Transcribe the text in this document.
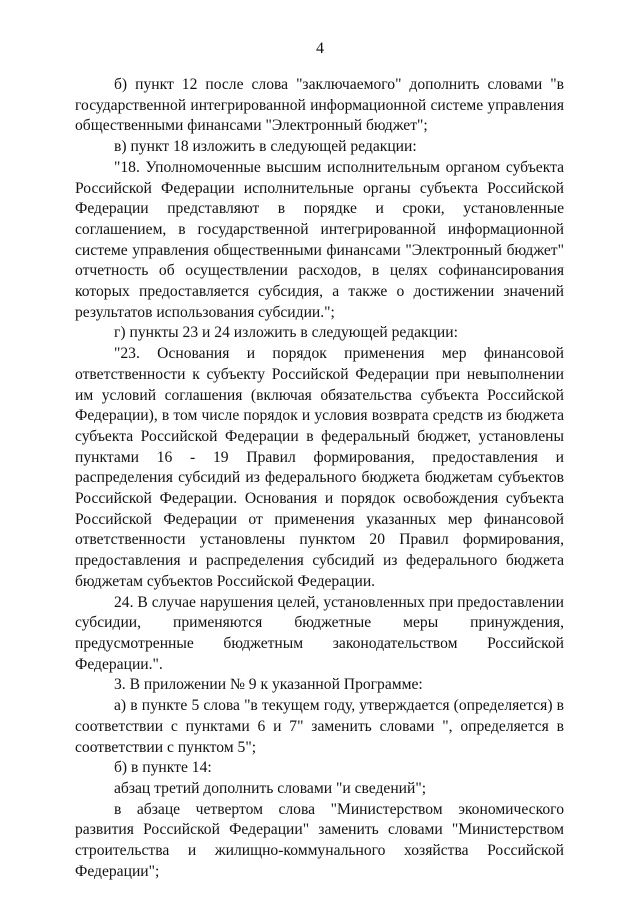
4

б) пункт 12 после слова "заключаемого" дополнить словами "в государственной интегрированной информационной системе управления общественными финансами "Электронный бюджет";

в) пункт 18 изложить в следующей редакции:

"18. Уполномоченные высшим исполнительным органом субъекта Российской Федерации исполнительные органы субъекта Российской Федерации представляют в порядке и сроки, установленные соглашением, в государственной интегрированной информационной системе управления общественными финансами "Электронный бюджет" отчетность об осуществлении расходов, в целях софинансирования которых предоставляется субсидия, а также о достижении значений результатов использования субсидии.";

г) пункты 23 и 24 изложить в следующей редакции:

"23. Основания и порядок применения мер финансовой ответственности к субъекту Российской Федерации при невыполнении им условий соглашения (включая обязательства субъекта Российской Федерации), в том числе порядок и условия возврата средств из бюджета субъекта Российской Федерации в федеральный бюджет, установлены пунктами 16 - 19 Правил формирования, предоставления и распределения субсидий из федерального бюджета бюджетам субъектов Российской Федерации. Основания и порядок освобождения субъекта Российской Федерации от применения указанных мер финансовой ответственности установлены пунктом 20 Правил формирования, предоставления и распределения субсидий из федерального бюджета бюджетам субъектов Российской Федерации.

24. В случае нарушения целей, установленных при предоставлении субсидии, применяются бюджетные меры принуждения, предусмотренные бюджетным законодательством Российской Федерации.".

3. В приложении № 9 к указанной Программе:

а) в пункте 5 слова "в текущем году, утверждается (определяется) в соответствии с пунктами 6 и 7" заменить словами ", определяется в соответствии с пунктом 5";

б) в пункте 14:

абзац третий дополнить словами "и сведений";

в абзаце четвертом слова "Министерством экономического развития Российской Федерации" заменить словами "Министерством строительства и жилищно-коммунального хозяйства Российской Федерации";
